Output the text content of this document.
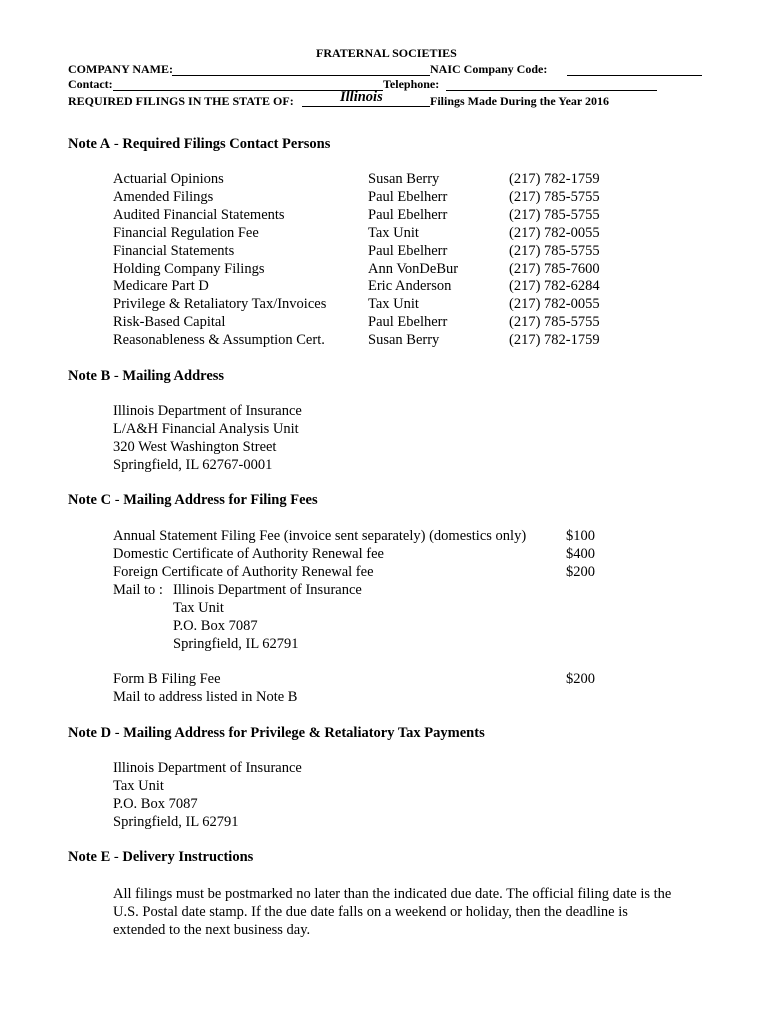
FRATERNAL SOCIETIES
COMPANY NAME:	NAIC Company Code:
Contact:	Telephone:
REQUIRED FILINGS IN THE STATE OF:	Illinois	Filings Made During the Year 2016
Note A - Required Filings Contact Persons
Actuarial Opinions	Susan Berry	(217) 782-1759
Amended Filings	Paul Ebelherr	(217) 785-5755
Audited Financial Statements	Paul Ebelherr	(217) 785-5755
Financial Regulation Fee	Tax Unit	(217) 782-0055
Financial Statements	Paul Ebelherr	(217) 785-5755
Holding Company Filings	Ann VonDeBur	(217) 785-7600
Medicare Part D	Eric Anderson	(217) 782-6284
Privilege & Retaliatory Tax/Invoices	Tax Unit	(217) 782-0055
Risk-Based Capital	Paul Ebelherr	(217) 785-5755
Reasonableness & Assumption Cert.	Susan Berry	(217) 782-1759
Note B - Mailing Address
Illinois Department of Insurance
L/A&H Financial Analysis Unit
320 West Washington Street
Springfield, IL 62767-0001
Note C - Mailing Address for Filing Fees
Annual Statement Filing Fee (invoice sent separately) (domestics only)	$100
Domestic Certificate of Authority Renewal fee	$400
Foreign Certificate of Authority Renewal fee	$200
Mail to : Illinois Department of Insurance
Tax Unit
P.O. Box 7087
Springfield, IL 62791
Form B Filing Fee	$200
Mail to address listed in Note B
Note D - Mailing Address for Privilege & Retaliatory Tax Payments
Illinois Department of Insurance
Tax Unit
P.O. Box 7087
Springfield, IL 62791
Note E - Delivery Instructions
All filings must be postmarked no later than the indicated due date. The official filing date is the
U.S. Postal date stamp. If the due date falls on a weekend or holiday, then the deadline is
extended to the next business day.
